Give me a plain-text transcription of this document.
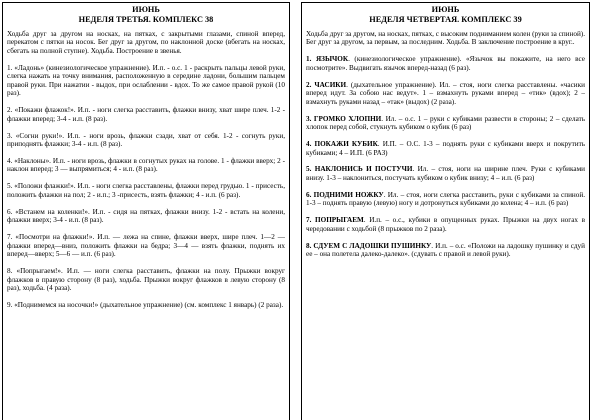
ИЮНЬ
НЕДЕЛЯ ТРЕТЬЯ. КОМПЛЕКС 38

Ходьба друг за другом на носках, на пятках, с закрытыми глазами, спиной вперед, перекатом с пятки на носок. Бег друг за другом, по наклонной доске (вбегать на носках, сбегать на полной ступне). Ходьба. Построение в звенья.

1. «Ладонь» (кинезиологическое упражнение). И.п. - о.с. 1 - раскрыть пальцы левой руки, слегка нажать на точку внимания, расположенную в середине ладони, большим пальцем правой руки. При нажатии - выдох, при ослаблении - вдох. То же самое правой рукой (10 раз).

2. «Покажи флажок!». И.п. - ноги слегка расставить, флажки внизу, хват шире плеч. 1-2 - флажки вперед; 3-4 - и.п. (8 раз).

3. «Согни руки!». И.п. - ноги врозь, флажки сзади, хват от себя. 1-2 - согнуть руки, приподнять флажки; 3-4 - и.п. (8 раз).

4. «Наклоны». И.п. - ноги врозь, флажки в согнутых руках на голове. 1 - флажки вверх; 2 - наклон вперед; 3 — выпрямиться; 4 - и.п. (8 раз).

5. «Положи флажки!». И.п. - ноги слегка расставлены, флажки перед грудью. 1 - присесть, положить флажки на пол; 2 - и.п.; 3 -присесть, взять флажки; 4 - и.п. (6 раз).

6. «Встанем на коленки!». И.п. - сидя на пятках, флажки внизу. 1-2 - встать на колени, флажки вверх; 3-4 - и.п. (8 раз).

7. «Посмотри на флажки!». И.п. — лежа на спине, флажки вверх, шире плеч. 1—2 — флажки вперед—вниз, положить флажки на бедра; 3—4 — взять флажки, поднять их вперед—вверх; 5—6 — и.п. (6 раз).

8. «Попрыгаем!». И.п. — ноги слегка расставить, флажки на полу. Прыжки вокруг флажков в правую сторону (8 раз), ходьба. Прыжки вокруг флажков в левую сторону (8 раз), ходьба. (4 раза).

9. «Поднимемся на носочки!» (дыхательное упражнение) (см. комплекс 1 январь) (2 раза).

ИЮНЬ
НЕДЕЛЯ ЧЕТВЕРТАЯ. КОМПЛЕКС 39

Ходьба друг за другом, на носках, пятках, с высоким подниманием колен (руки за спиной). Бег друг за другом, за первым, за последним. Ходьба. В заключение построение в круг..

1. ЯЗЫЧОК. (кинезиологическое упражнение). «Язычок вы покажите, на него все посмотрите». Выдвигать язычок вперед-назад (6 раз).

2. ЧАСИКИ. (дыхательное упражнение). Ил. – стоя, ноги слегка расставлены. «часики вперед идут. За собою нас ведут». 1 – взмахнуть руками вперед – «тик» (вдох); 2 – взмахнуть руками назад – «так» (выдох) (2 раза).

3. ГРОМКО ХЛОПНИ. Ил. – о.с. 1 – руки с кубиками развести в стороны; 2 – сделать хлопок перед собой, стукнуть кубиком о кубик (6 раз)

4. ПОКАЖИ КУБИК. И.П. – О.С. 1-3 – поднять руки с кубиками вверх и покрутить кубиками; 4 – И.П. (6 РАЗ)

5. НАКЛОНИСЬ И ПОСТУЧИ. Ил. – стоя, ноги на ширине плеч. Руки с кубиками внизу. 1-3 – наклониться, постучать кубиком о кубик внизу; 4 – и.п. (6 раз)

6. ПОДНИМИ НОЖКУ. Ил. – стоя, ноги слегка расставить, руки с кубиками за спиной. 1-3 – поднять правую (левую) ногу и дотронуться кубиками до колена; 4 – и.п. (6 раз)

7. ПОПРЫГАЕМ. И.п. – о.с., кубики в опущенных руках. Прыжки на двух ногах в чередовании с ходьбой (8 прыжков по 2 раза).

8. СДУЕМ С ЛАДОШКИ ПУШИНКУ. И.п. – о.с. «Положи на ладошку пушинку и сдуй ее – она полетела далеко-далеко». (сдувать с правой и левой руки).
